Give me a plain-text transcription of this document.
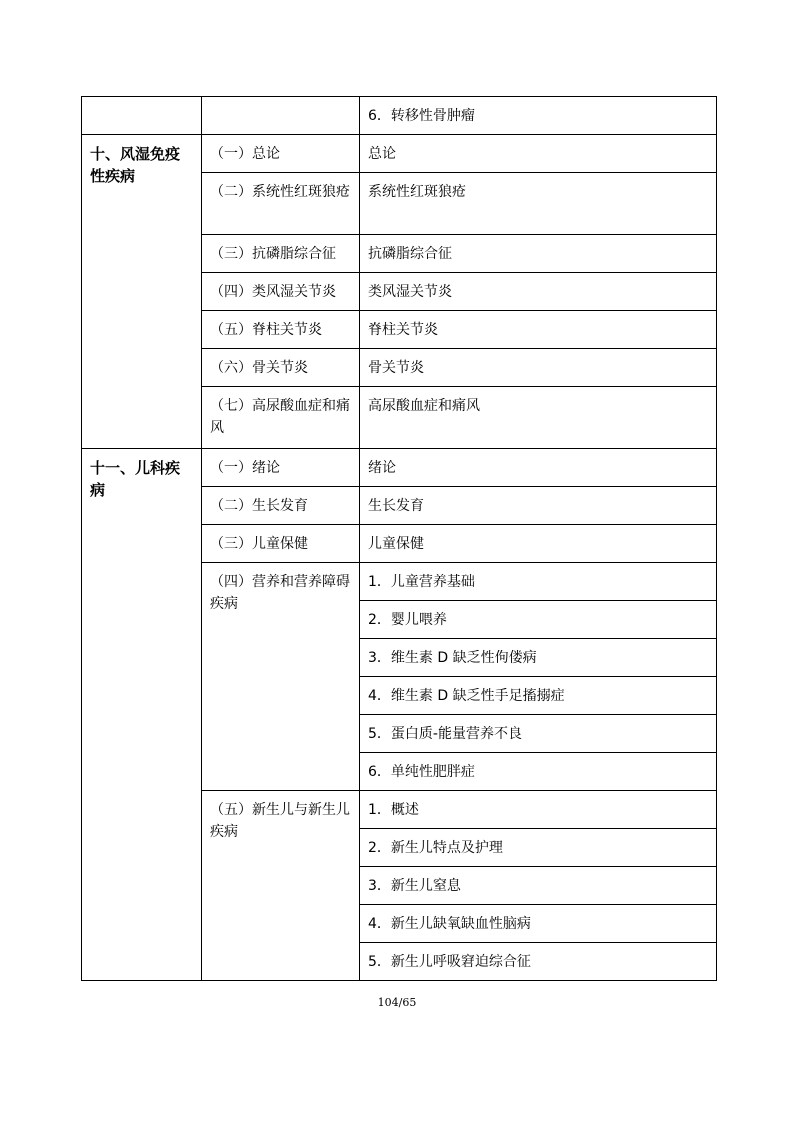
		6．转移性骨肿瘤
十、风湿免疫性疾病	（一）总论	总论
	（二）系统性红斑狼疮	系统性红斑狼疮
	（三）抗磷脂综合征	抗磷脂综合征
	（四）类风湿关节炎	类风湿关节炎
	（五）脊柱关节炎	脊柱关节炎
	（六）骨关节炎	骨关节炎
	（七）高尿酸血症和痛风	高尿酸血症和痛风
十一、儿科疾病	（一）绪论	绪论
	（二）生长发育	生长发育
	（三）儿童保健	儿童保健
	（四）营养和营养障碍疾病	1．儿童营养基础
		2．婴儿喂养
		3．维生素 D 缺乏性佝偻病
		4．维生素 D 缺乏性手足搐搦症
		5．蛋白质-能量营养不良
		6．单纯性肥胖症
	（五）新生儿与新生儿疾病	1．概述
		2．新生儿特点及护理
		3．新生儿窒息
		4．新生儿缺氧缺血性脑病
		5．新生儿呼吸窘迫综合征
104/65
